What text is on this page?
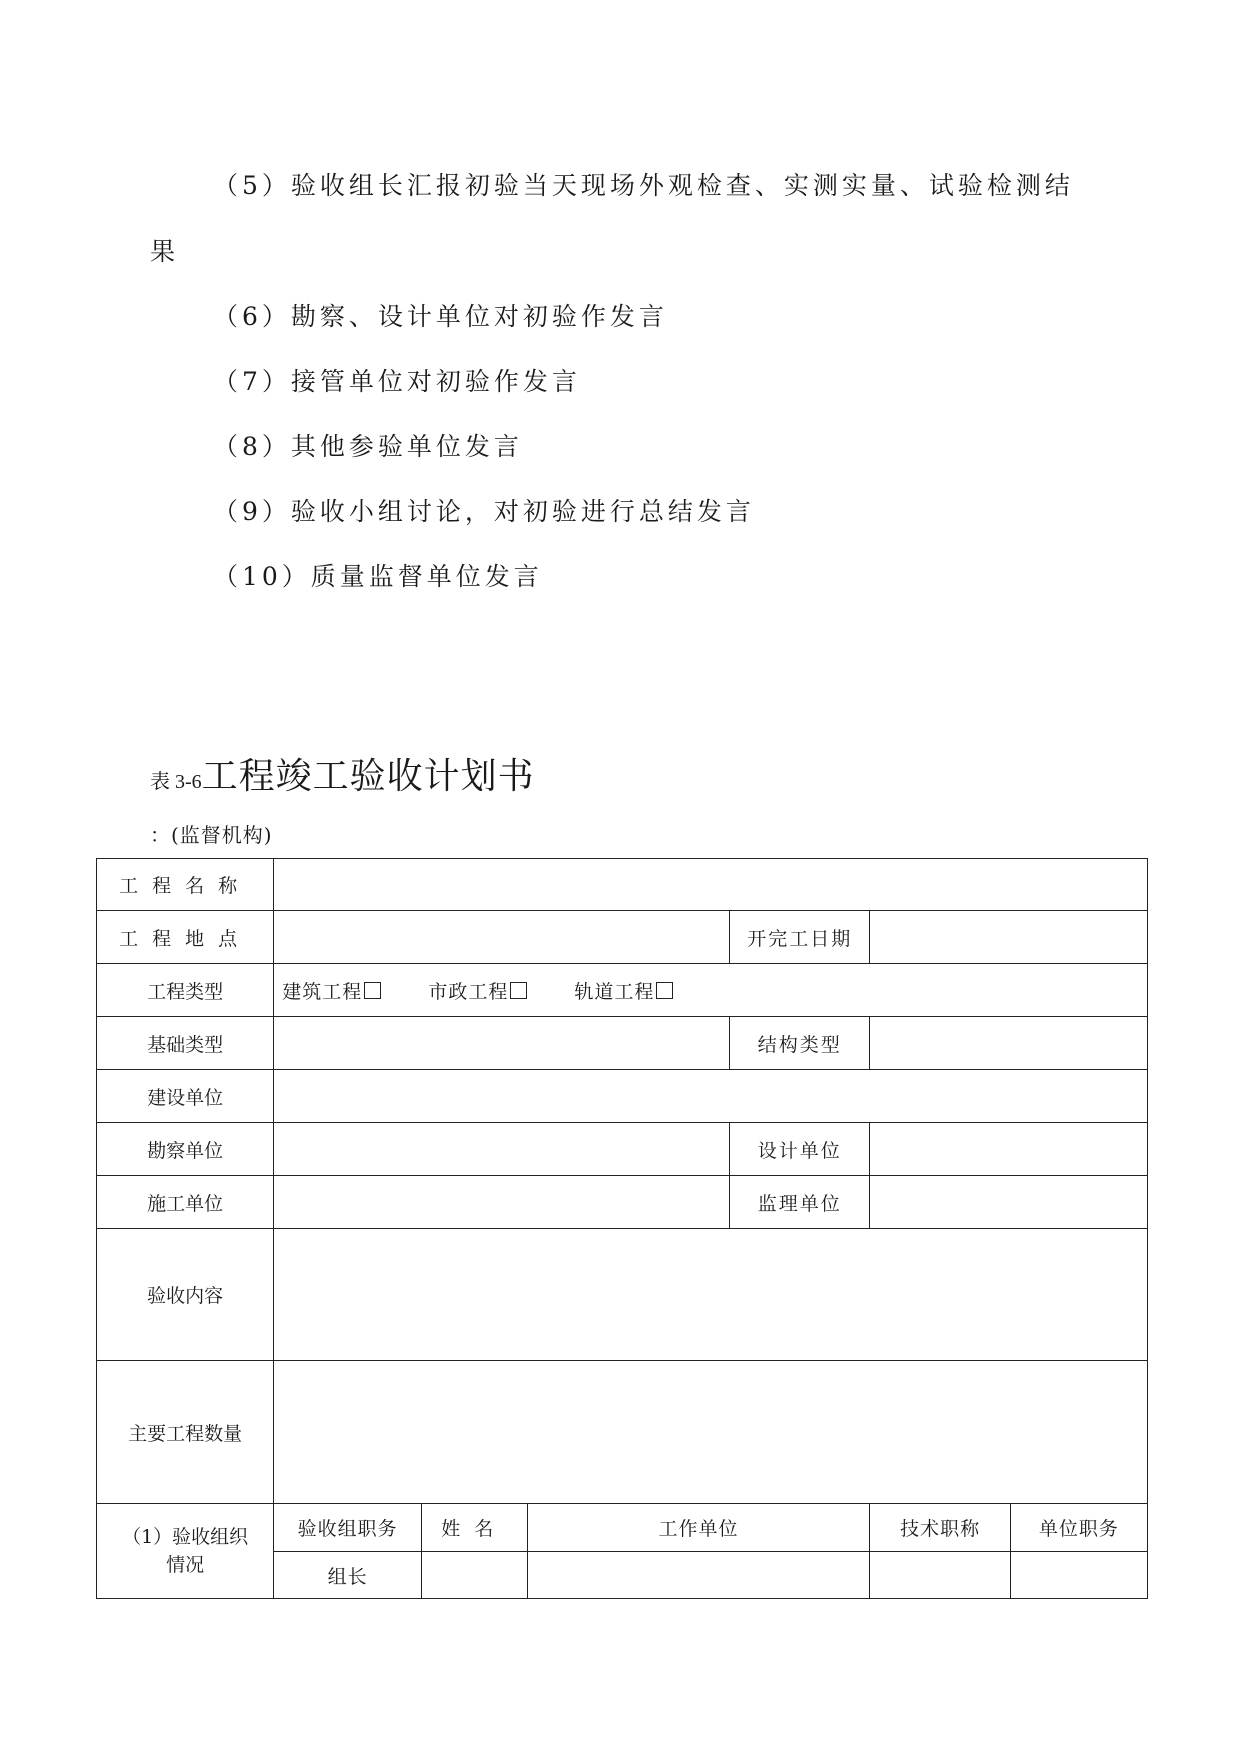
（5）验收组长汇报初验当天现场外观检查、实测实量、试验检测结
果
（6）勘察、设计单位对初验作发言
（7）接管单位对初验作发言
（8）其他参验单位发言
（9）验收小组讨论，对初验进行总结发言
（10）质量监督单位发言
表 3-6工程竣工验收计划书
：(监督机构)
工程名称						
工程地点				开完工日期		
工程类型	建筑工程 市政工程 轨道工程					
基础类型				结构类型		
建设单位						
勘察单位				设计单位		
施工单位				监理单位		
验收内容						
主要工程数量						

（1）验收组织
情况	验收组职务	姓名	工作单位		技术职称	单位职务
	组长					
